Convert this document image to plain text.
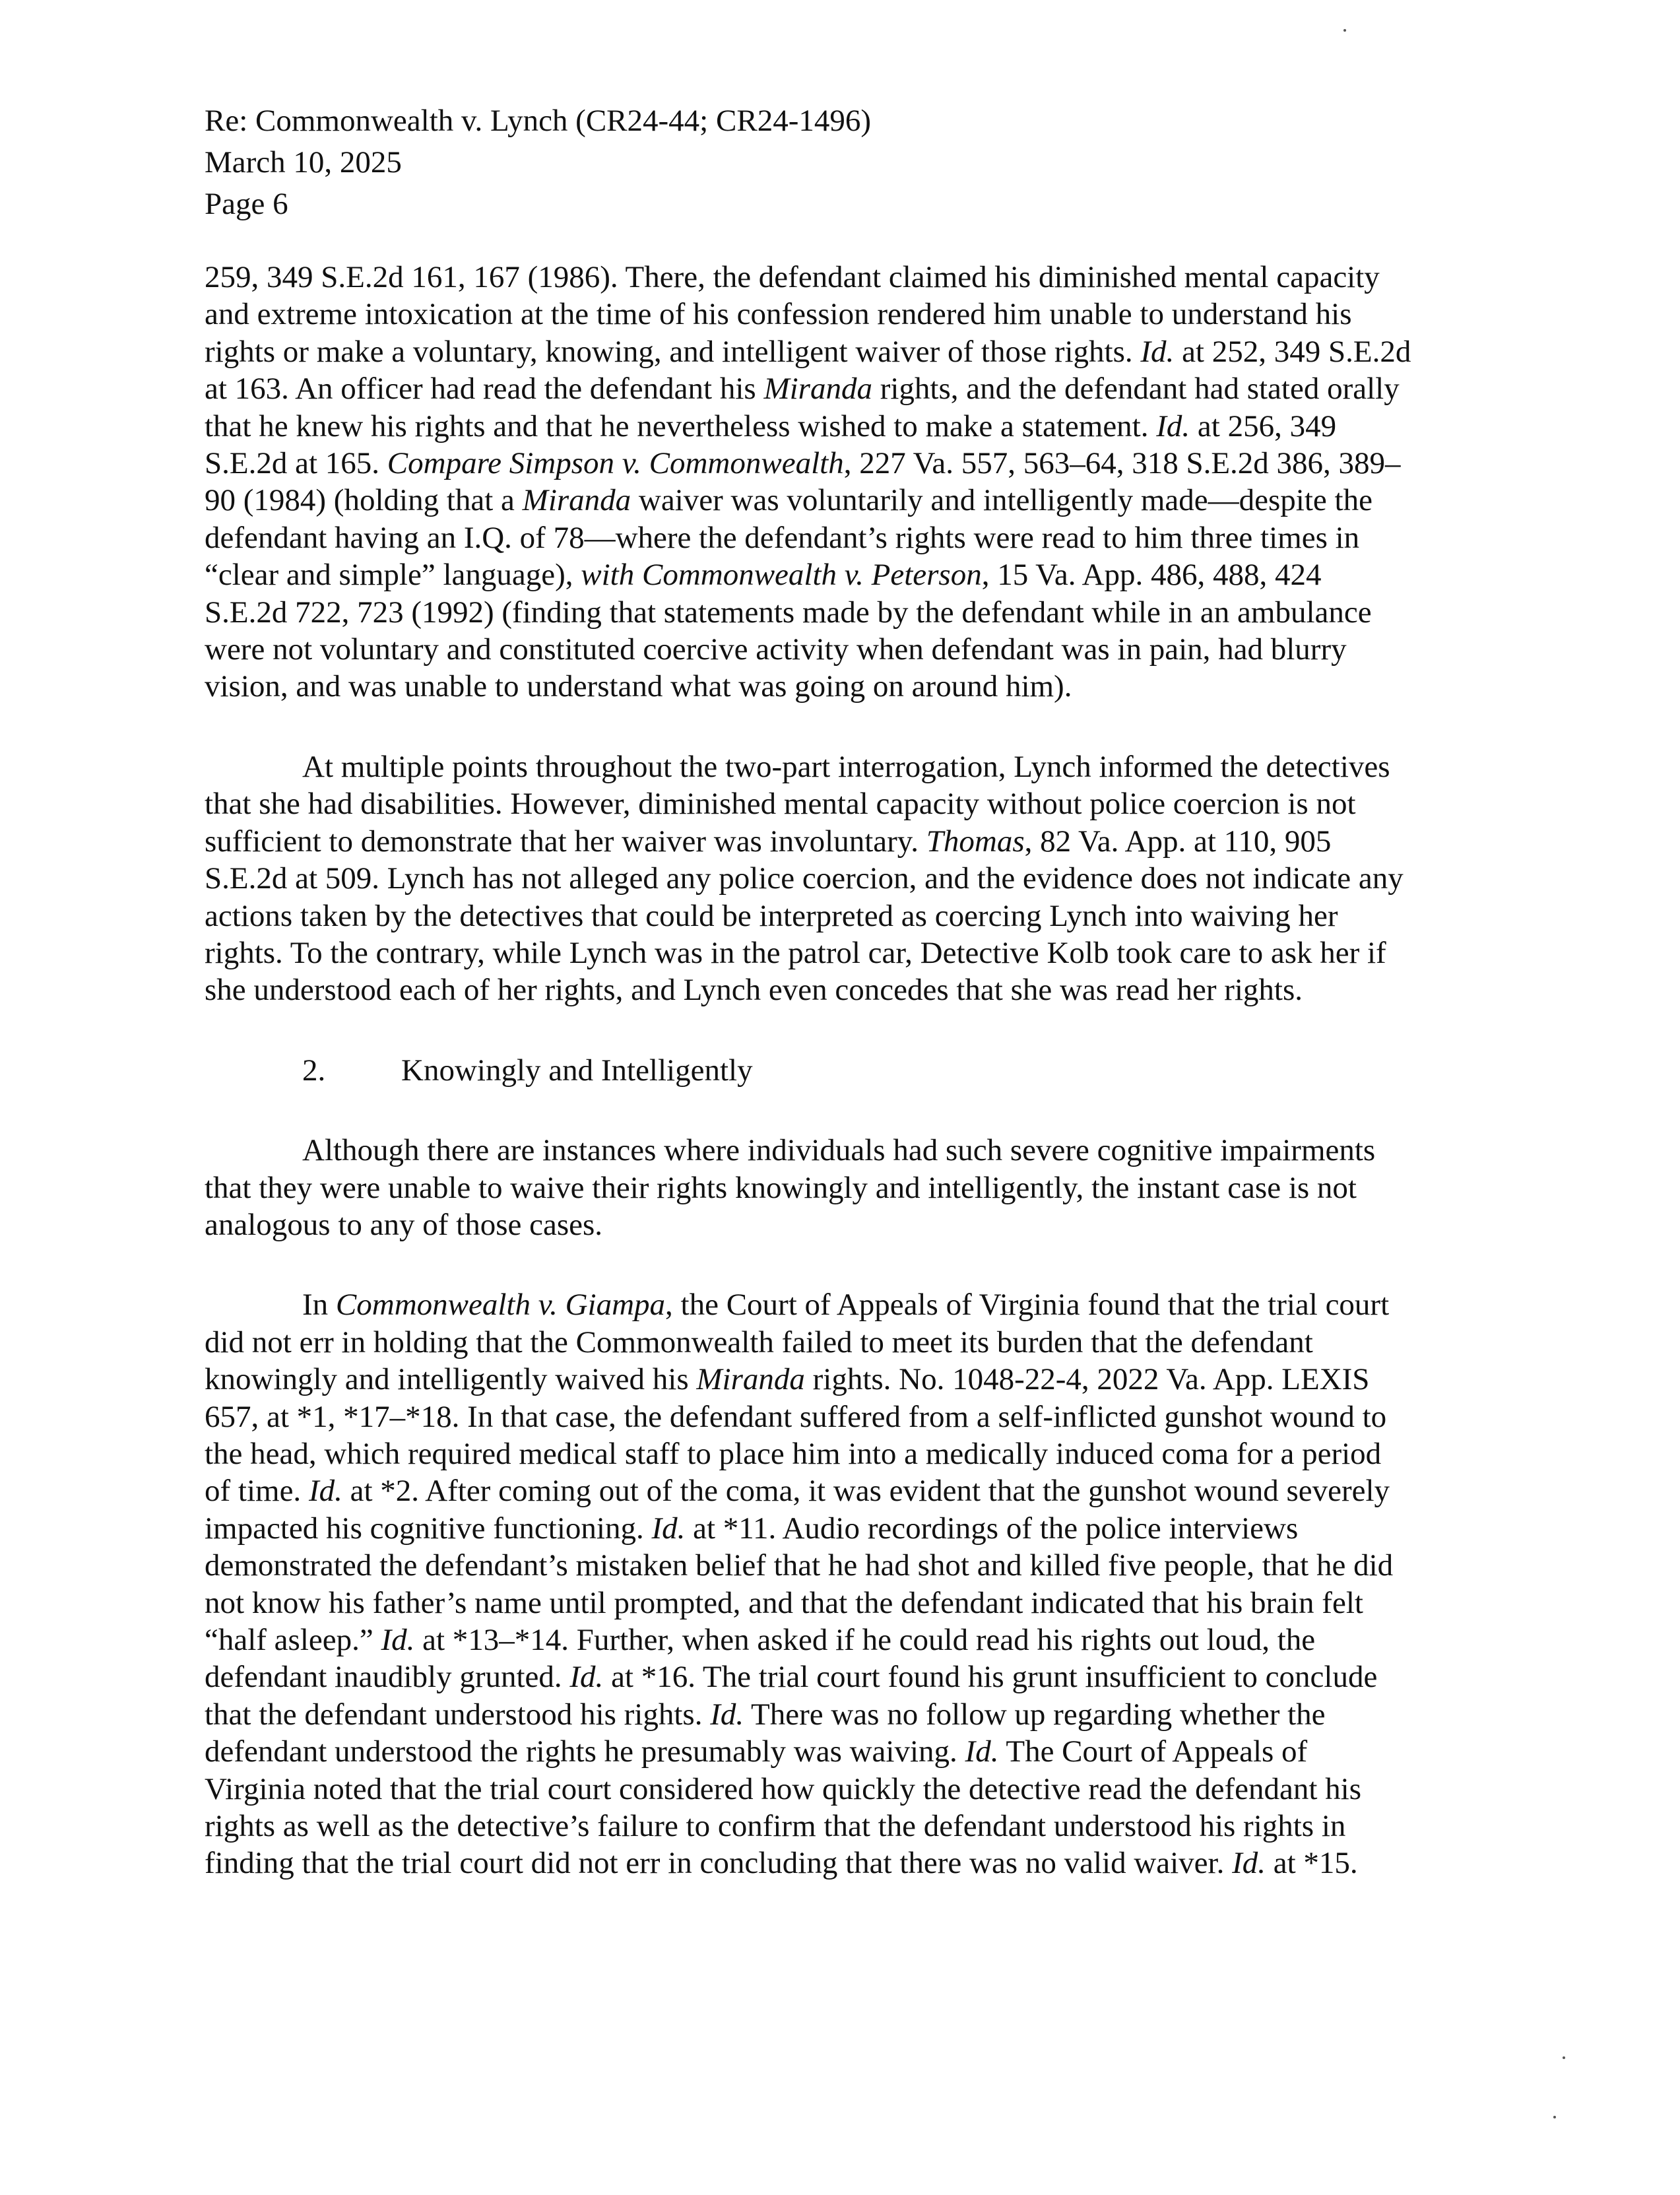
Re: Commonwealth v. Lynch (CR24-44; CR24-1496)
March 10, 2025
Page 6
259, 349 S.E.2d 161, 167 (1986). There, the defendant claimed his diminished mental capacity
and extreme intoxication at the time of his confession rendered him unable to understand his
rights or make a voluntary, knowing, and intelligent waiver of those rights. Id. at 252, 349 S.E.2d
at 163. An officer had read the defendant his Miranda rights, and the defendant had stated orally
that he knew his rights and that he nevertheless wished to make a statement. Id. at 256, 349
S.E.2d at 165. Compare Simpson v. Commonwealth, 227 Va. 557, 563–64, 318 S.E.2d 386, 389–
90 (1984) (holding that a Miranda waiver was voluntarily and intelligently made—despite the
defendant having an I.Q. of 78—where the defendant’s rights were read to him three times in
“clear and simple” language), with Commonwealth v. Peterson, 15 Va. App. 486, 488, 424
S.E.2d 722, 723 (1992) (finding that statements made by the defendant while in an ambulance
were not voluntary and constituted coercive activity when defendant was in pain, had blurry
vision, and was unable to understand what was going on around him).
At multiple points throughout the two-part interrogation, Lynch informed the detectives
that she had disabilities. However, diminished mental capacity without police coercion is not
sufficient to demonstrate that her waiver was involuntary. Thomas, 82 Va. App. at 110, 905
S.E.2d at 509. Lynch has not alleged any police coercion, and the evidence does not indicate any
actions taken by the detectives that could be interpreted as coercing Lynch into waiving her
rights. To the contrary, while Lynch was in the patrol car, Detective Kolb took care to ask her if
she understood each of her rights, and Lynch even concedes that she was read her rights.
2. Knowingly and Intelligently
Although there are instances where individuals had such severe cognitive impairments
that they were unable to waive their rights knowingly and intelligently, the instant case is not
analogous to any of those cases.
In Commonwealth v. Giampa, the Court of Appeals of Virginia found that the trial court
did not err in holding that the Commonwealth failed to meet its burden that the defendant
knowingly and intelligently waived his Miranda rights. No. 1048-22-4, 2022 Va. App. LEXIS
657, at *1, *17–*18. In that case, the defendant suffered from a self-inflicted gunshot wound to
the head, which required medical staff to place him into a medically induced coma for a period
of time. Id. at *2. After coming out of the coma, it was evident that the gunshot wound severely
impacted his cognitive functioning. Id. at *11. Audio recordings of the police interviews
demonstrated the defendant’s mistaken belief that he had shot and killed five people, that he did
not know his father’s name until prompted, and that the defendant indicated that his brain felt
“half asleep.” Id. at *13–*14. Further, when asked if he could read his rights out loud, the
defendant inaudibly grunted. Id. at *16. The trial court found his grunt insufficient to conclude
that the defendant understood his rights. Id. There was no follow up regarding whether the
defendant understood the rights he presumably was waiving. Id. The Court of Appeals of
Virginia noted that the trial court considered how quickly the detective read the defendant his
rights as well as the detective’s failure to confirm that the defendant understood his rights in
finding that the trial court did not err in concluding that there was no valid waiver. Id. at *15.
